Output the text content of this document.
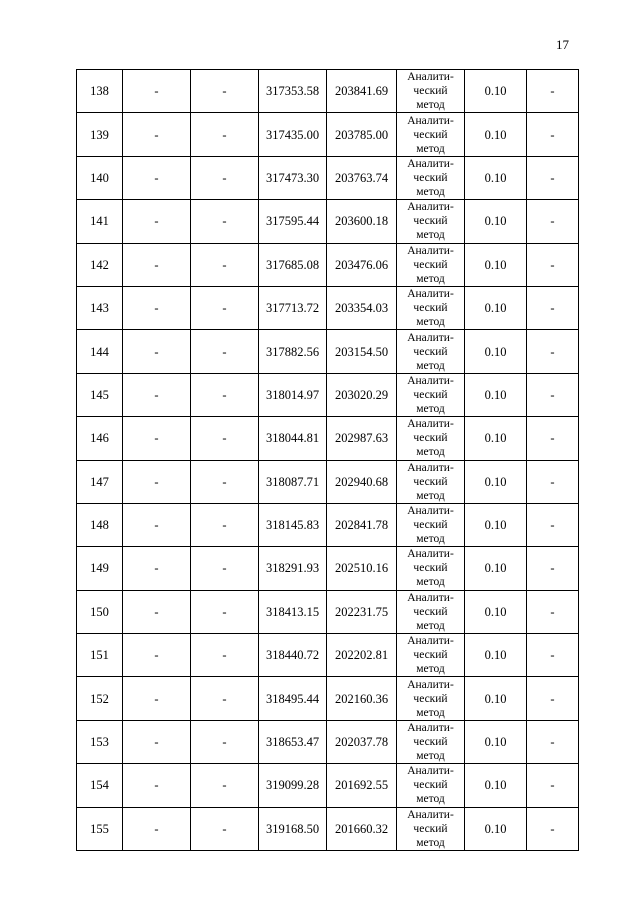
17
138	-	-	317353.58	203841.69	Аналити-
ческий
метод	0.10	-
139	-	-	317435.00	203785.00	Аналити-
ческий
метод	0.10	-
140	-	-	317473.30	203763.74	Аналити-
ческий
метод	0.10	-
141	-	-	317595.44	203600.18	Аналити-
ческий
метод	0.10	-
142	-	-	317685.08	203476.06	Аналити-
ческий
метод	0.10	-
143	-	-	317713.72	203354.03	Аналити-
ческий
метод	0.10	-
144	-	-	317882.56	203154.50	Аналити-
ческий
метод	0.10	-
145	-	-	318014.97	203020.29	Аналити-
ческий
метод	0.10	-
146	-	-	318044.81	202987.63	Аналити-
ческий
метод	0.10	-
147	-	-	318087.71	202940.68	Аналити-
ческий
метод	0.10	-
148	-	-	318145.83	202841.78	Аналити-
ческий
метод	0.10	-
149	-	-	318291.93	202510.16	Аналити-
ческий
метод	0.10	-
150	-	-	318413.15	202231.75	Аналити-
ческий
метод	0.10	-
151	-	-	318440.72	202202.81	Аналити-
ческий
метод	0.10	-
152	-	-	318495.44	202160.36	Аналити-
ческий
метод	0.10	-
153	-	-	318653.47	202037.78	Аналити-
ческий
метод	0.10	-
154	-	-	319099.28	201692.55	Аналити-
ческий
метод	0.10	-
155	-	-	319168.50	201660.32	Аналити-
ческий
метод	0.10	-
